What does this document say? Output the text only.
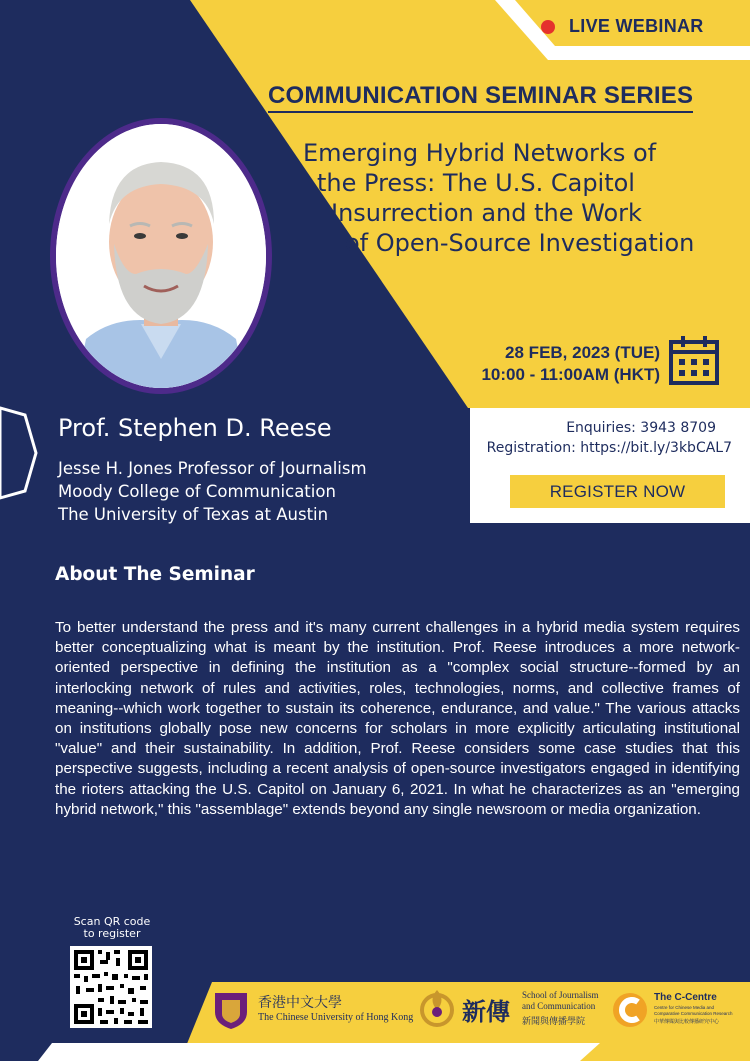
LIVE WEBINAR
COMMUNICATION SEMINAR SERIES
Emerging Hybrid Networks of
the Press: The U.S. Capitol
Insurrection and the Work
of Open-Source Investigation
28 FEB, 2023 (TUE)
10:00 - 11:00AM (HKT)
Enquiries: 3943 8709
Registration: https://bit.ly/3kbCAL7
REGISTER NOW
Prof. Stephen D. Reese
Jesse H. Jones Professor of Journalism
Moody College of Communication
The University of Texas at Austin
About The Seminar
To better understand the press and it's many current challenges in a hybrid media system requires better conceptualizing what is meant by the institution. Prof. Reese introduces a more network-oriented perspective in defining the institution as a "complex social structure--formed by an interlocking network of rules and activities, roles, technologies, norms, and collective frames of meaning--which work together to sustain its coherence, endurance, and value." The various attacks on institutions globally pose new concerns for scholars in more explicitly articulating institutional "value" and their sustainability. In addition, Prof. Reese considers some case studies that this perspective suggests, including a recent analysis of open-source investigators engaged in identifying the rioters attacking the U.S. Capitol on January 6, 2021. In what he characterizes as an "emerging hybrid network," this "assemblage" extends beyond any single newsroom or media organization.
Scan QR code
to register
香港中文大學
The Chinese University of Hong Kong 新傳
School of Journalism
and Communication
新聞與傳播學院
The C-Centre
Centre for Chinese Media and
Comparative Communication Research
中華傳媒與比較傳播研究中心
